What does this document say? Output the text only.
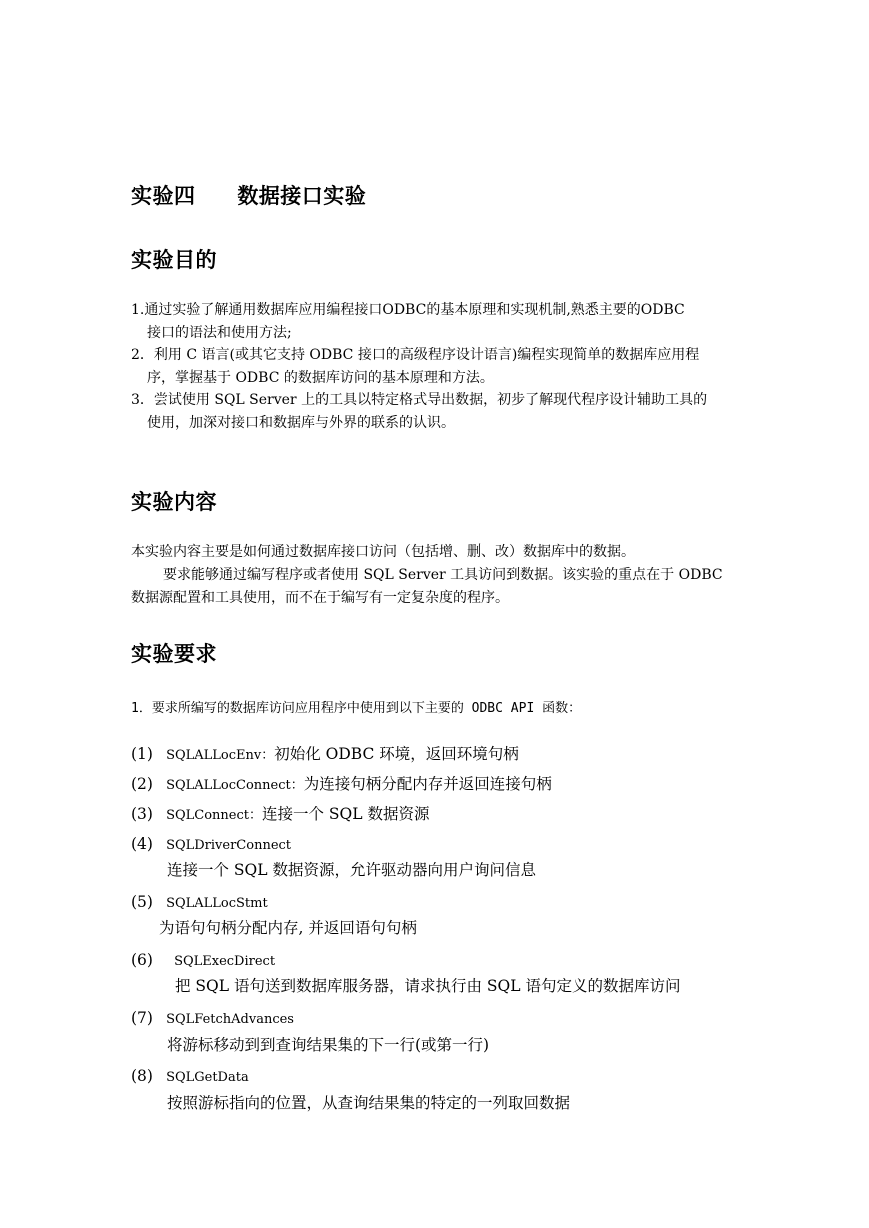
实验四 数据接口实验
实验目的
1.通过实验了解通用数据库应用编程接口ODBC的基本原理和实现机制,熟悉主要的ODBC
接口的语法和使用方法;
2．利用 C 语言(或其它支持 ODBC 接口的高级程序设计语言)编程实现简单的数据库应用程
序，掌握基于 ODBC 的数据库访问的基本原理和方法。
3．尝试使用 SQL Server 上的工具以特定格式导出数据，初步了解现代程序设计辅助工具的
使用，加深对接口和数据库与外界的联系的认识。
实验内容
本实验内容主要是如何通过数据库接口访问（包括增、删、改）数据库中的数据。
要求能够通过编写程序或者使用 SQL Server 工具访问到数据。该实验的重点在于 ODBC
数据源配置和工具使用，而不在于编写有一定复杂度的程序。
实验要求
1．要求所编写的数据库访问应用程序中使用到以下主要的 ODBC API 函数：
(1) SQLALLocEnv：初始化 ODBC 环境，返回环境句柄
(2) SQLALLocConnect：为连接句柄分配内存并返回连接句柄
(3) SQLConnect：连接一个 SQL 数据资源
(4) SQLDriverConnect
连接一个 SQL 数据资源，允许驱动器向用户询问信息
(5) SQLALLocStmt
为语句句柄分配内存, 并返回语句句柄
(6) SQLExecDirect
把 SQL 语句送到数据库服务器，请求执行由 SQL 语句定义的数据库访问
(7) SQLFetchAdvances
将游标移动到到查询结果集的下一行(或第一行)
(8) SQLGetData
按照游标指向的位置，从查询结果集的特定的一列取回数据
